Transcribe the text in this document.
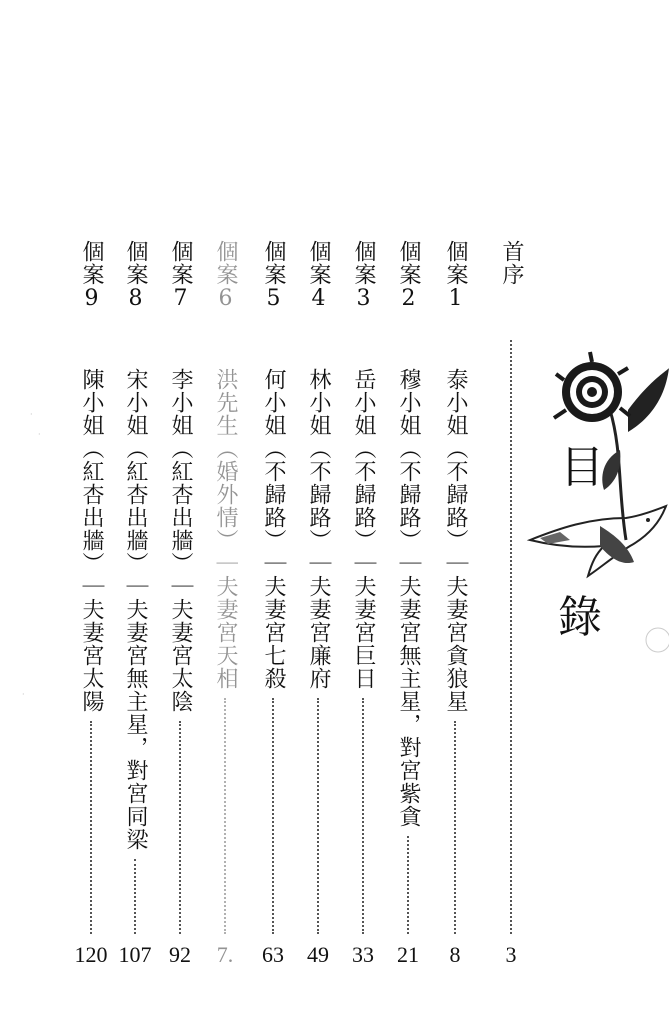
首序
3
個案1
泰小姐（不歸路）｜夫妻宮貪狼星
8
個案2
穆小姐（不歸路）｜夫妻宮無主星，對宮紫貪
21
個案3
岳小姐（不歸路）｜夫妻宮巨日
33
個案4
林小姐（不歸路）｜夫妻宮廉府
49
個案5
何小姐（不歸路）｜夫妻宮七殺
63
個案6
洪先生（婚外情）｜夫妻宮天相
7.
個案7
李小姐（紅杏出牆）｜夫妻宮太陰
92
個案8
宋小姐（紅杏出牆）｜夫妻宮無主星，對宮同梁
107
個案9
陳小姐（紅杏出牆）｜夫妻宮太陽
120
目
錄
·
·
·
